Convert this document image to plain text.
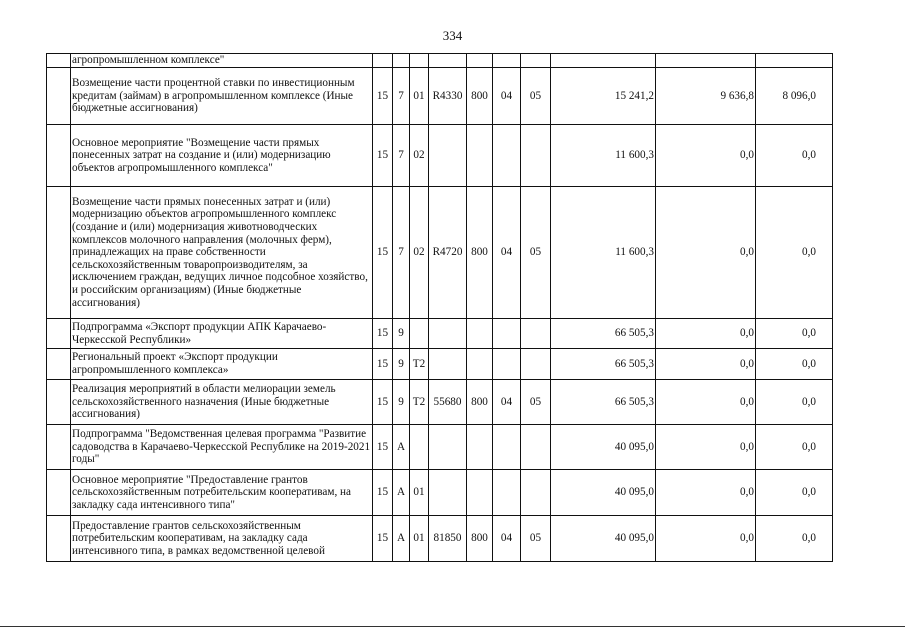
334
	агропромышленном комплексе"										
	Возмещение части процентной ставки по инвестиционным кредитам (займам) в агропромышленном комплексе (Иные бюджетные ассигнования)	15	7	01	R4330	800	04	05	15 241,2	9 636,8	8 096,0
	Основное мероприятие "Возмещение части прямых понесенных затрат на создание и (или) модернизацию объектов агропромышленного комплекса"	15	7	02					11 600,3	0,0	0,0
	Возмещение части прямых понесенных затрат и (или) модернизацию объектов агропромышленного комплекс (создание и (или) модернизация животноводческих комплексов молочного направления (молочных ферм), принадлежащих на праве собственности сельскохозяйственным товаропроизводителям, за исключением граждан, ведущих личное подсобное хозяйство, и российским организациям) (Иные бюджетные ассигнования)	15	7	02	R4720	800	04	05	11 600,3	0,0	0,0
	Подпрограмма «Экспорт продукции АПК Карачаево-Черкесской Республики»	15	9						66 505,3	0,0	0,0
	Региональный проект «Экспорт продукции агропромышленного комплекса»	15	9	T2					66 505,3	0,0	0,0
	Реализация мероприятий в области мелиорации земель сельскохозяйственного назначения (Иные бюджетные ассигнования)	15	9	T2	55680	800	04	05	66 505,3	0,0	0,0
	Подпрограмма "Ведомственная целевая программа "Развитие садоводства в Карачаево-Черкесской Республике на 2019-2021 годы"	15	A						40 095,0	0,0	0,0
	Основное мероприятие "Предоставление грантов сельскохозяйственным потребительским кооперативам, на закладку сада интенсивного типа"	15	A	01					40 095,0	0,0	0,0
	Предоставление грантов сельскохозяйственным потребительским кооперативам, на закладку сада интенсивного типа, в рамках ведомственной целевой	15	A	01	81850	800	04	05	40 095,0	0,0	0,0
